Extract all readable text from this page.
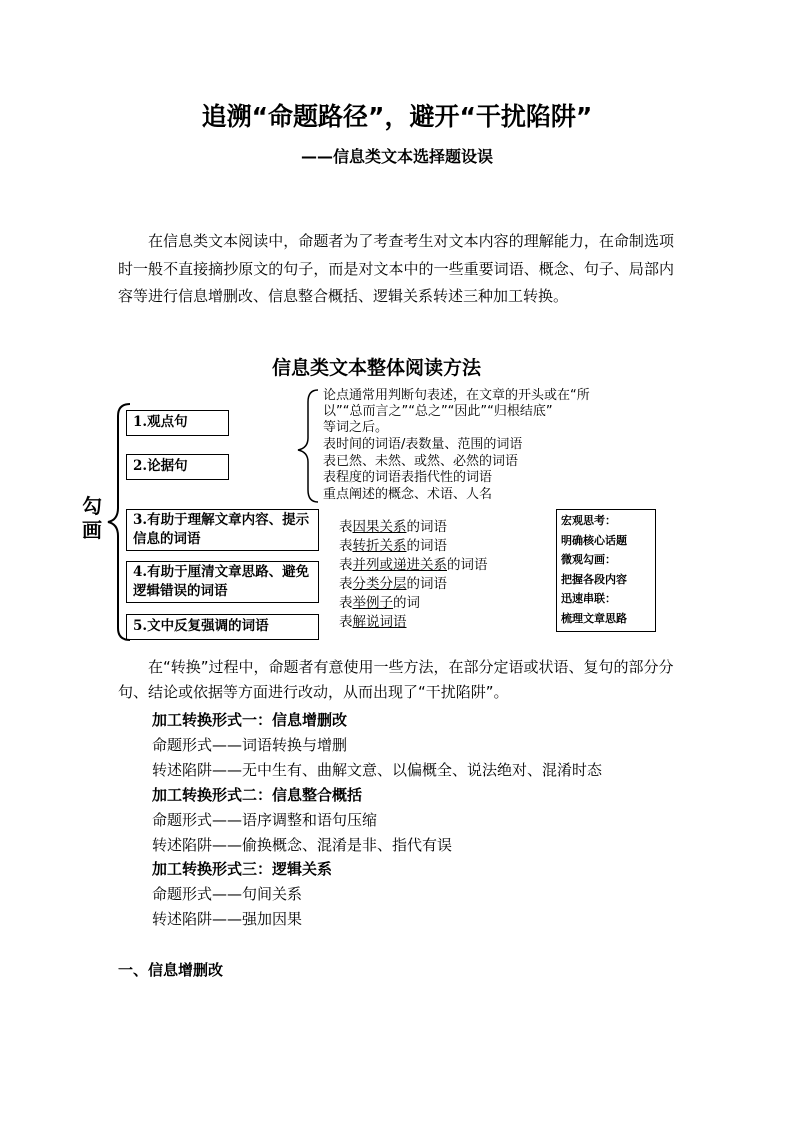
追溯“命题路径”，避开“干扰陷阱”
——信息类文本选择题设误
在信息类文本阅读中，命题者为了考查考生对文本内容的理解能力，在命制选项时一般不直接摘抄原文的句子，而是对文本中的一些重要词语、概念、句子、局部内容等进行信息增删改、信息整合概括、逻辑关系转述三种加工转换。
信息类文本整体阅读方法
勾画
1.观点句
2.论据句
3.有助于理解文章内容、提示信息的词语
4.有助于厘清文章思路、避免逻辑错误的词语
5.文中反复强调的词语
论点通常用判断句表述，在文章的开头或在“所
以”“总而言之”“总之”“因此”“归根结底”
等词之后。
表时间的词语/表数量、范围的词语
表已然、未然、或然、必然的词语
表程度的词语表指代性的词语
重点阐述的概念、术语、人名
表因果关系的词语
表转折关系的词语
表并列或递进关系的词语
表分类分层的词语
表举例子的词
表解说词语
宏观思考：
明确核心话题
微观勾画：
把握各段内容
迅速串联：
梳理文章思路
在“转换”过程中，命题者有意使用一些方法，在部分定语或状语、复句的部分分句、结论或依据等方面进行改动，从而出现了“干扰陷阱”。
加工转换形式一：信息增删改
命题形式——词语转换与增删
转述陷阱——无中生有、曲解文意、以偏概全、说法绝对、混淆时态
加工转换形式二：信息整合概括
命题形式——语序调整和语句压缩
转述陷阱——偷换概念、混淆是非、指代有误
加工转换形式三：逻辑关系
命题形式——句间关系
转述陷阱——强加因果
一、信息增删改
